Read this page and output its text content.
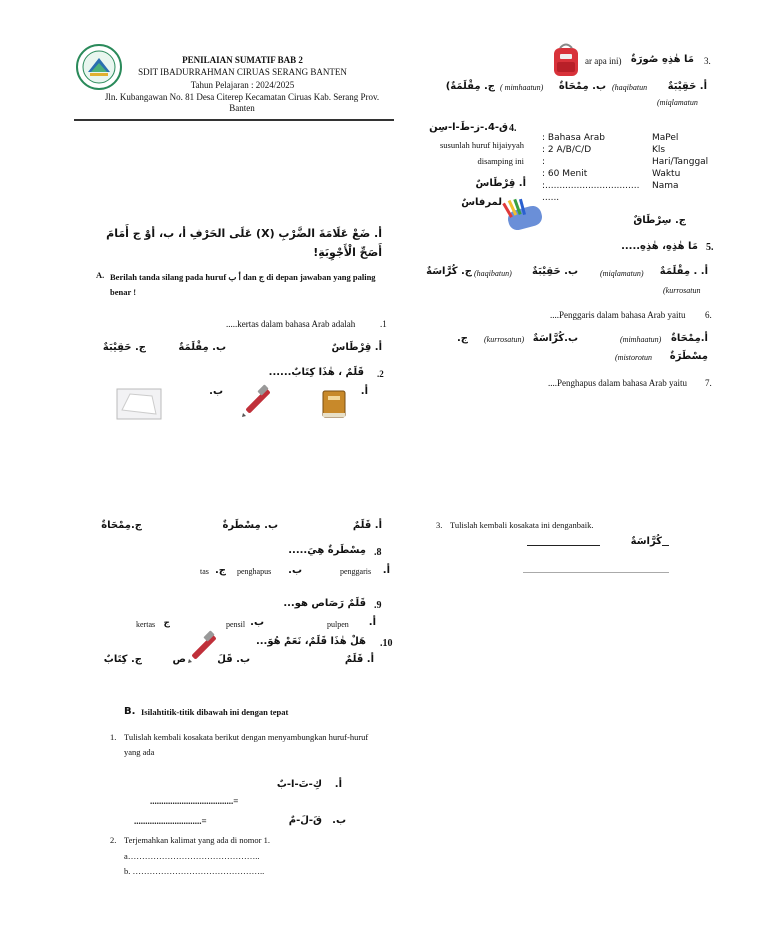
PENILAIAN SUMATIF BAB 2
SDIT IBADURRAHMAN CIRUAS SERANG BANTEN
Tahun Pelajaran : 2024/2025
Jln. Kubangawan No. 81 Desa Citerep Kecamatan Ciruas Kab. Serang Prov.
Banten
: Bahasa Arab
: 2 A/B/C/D
:
: 60 Menit
:.................................
......
MaPel
Kls
Hari/Tanggal
Waktu
Nama
ar apa ini) مَا هٰذِهِ صُورَةٌ 3.
أ. حَقِيْبَةٌ
(haqibatun
ب. مِمْحَاةٌ
( mimhaatun)
ج. مِقْلَمَةٌ)
(miqlamatun
ق-4.-ز-طَ-ا-سِن 4.
susunlah huruf hijaiyyah
disamping ini
أ. قِرْطَاسٌ
لمرفاسٌ
ج. سِرْطَاقٌ
مَا هٰذِهِ، هٰذِهِ..... 5.
أ. . مِقْلَمَةٌ
(miqlamatun)
ب. حَقِيْبَةٌ
(haqibatun)
ج. كُرَّاسَةٌ
(kurrosatun
....Penggaris dalam bahasa Arab yaitu 6.
أ.مِمْحَاةٌ
(mimhaatun)
ب.كُرَّاسَةٌ
(kurrosatun)
ج.
مِسْطَرَةٌ
(mistorotun
....Penghapus dalam bahasa Arab yaitu 7.
أ. ضَعْ عَلَامَةَ الضَّرْبِ (X) عَلَى الحَرْفِ أ، ب، أوْ ج أَمَامَ أَصَحِّ الْأَجْوِبَةِ!
A. Berilah tanda silang pada huruf أ ب dan ج di depan jawaban yang paling benar !
.....kertas dalam bahasa Arab adalah	.1
أ. قِرْطَاسٌ
ب. مِقْلَمَةٌ
ج. حَقِيْبَةٌ
قَلَمٌ ، هٰذَا كِتَابٌ...... .2
أ.
ب.
أ. قَلَمٌ
ب. مِسْطَرةٌ
ج.مِمْحَاةٌ
مِسْطَرةٌ هِيَ..... .8
أ.
penggaris
ب.
penghapus
ج.
tas
قَلَمٌ رَصَاص هو... .9
أ.
pulpen
ب.
pensil
ج
kertas
هَلْ هٰذَا قَلَمٌ، نَعَمْ هُوَ... .10
أ. قَلَمٌ
ب. قَلَ
ص
ج. كِتَابٌ
3. Tulislah kembali kosakata ini denganbaik.
كُرَّاسَةٌ
B. Isilahtitik-titik dibawah ini dengan tepat
1. Tulislah kembali kosakata berikut dengan menyambungkan huruf-huruf
yang ada
أ.
كِ-تَ-ا-بٌ
.....................................=
..............................=	قَ-لَ-مٌ ب.
2. Terjemahkan kalimat yang ada di nomor 1.
a………………………………………..
b. ………………………………………..
